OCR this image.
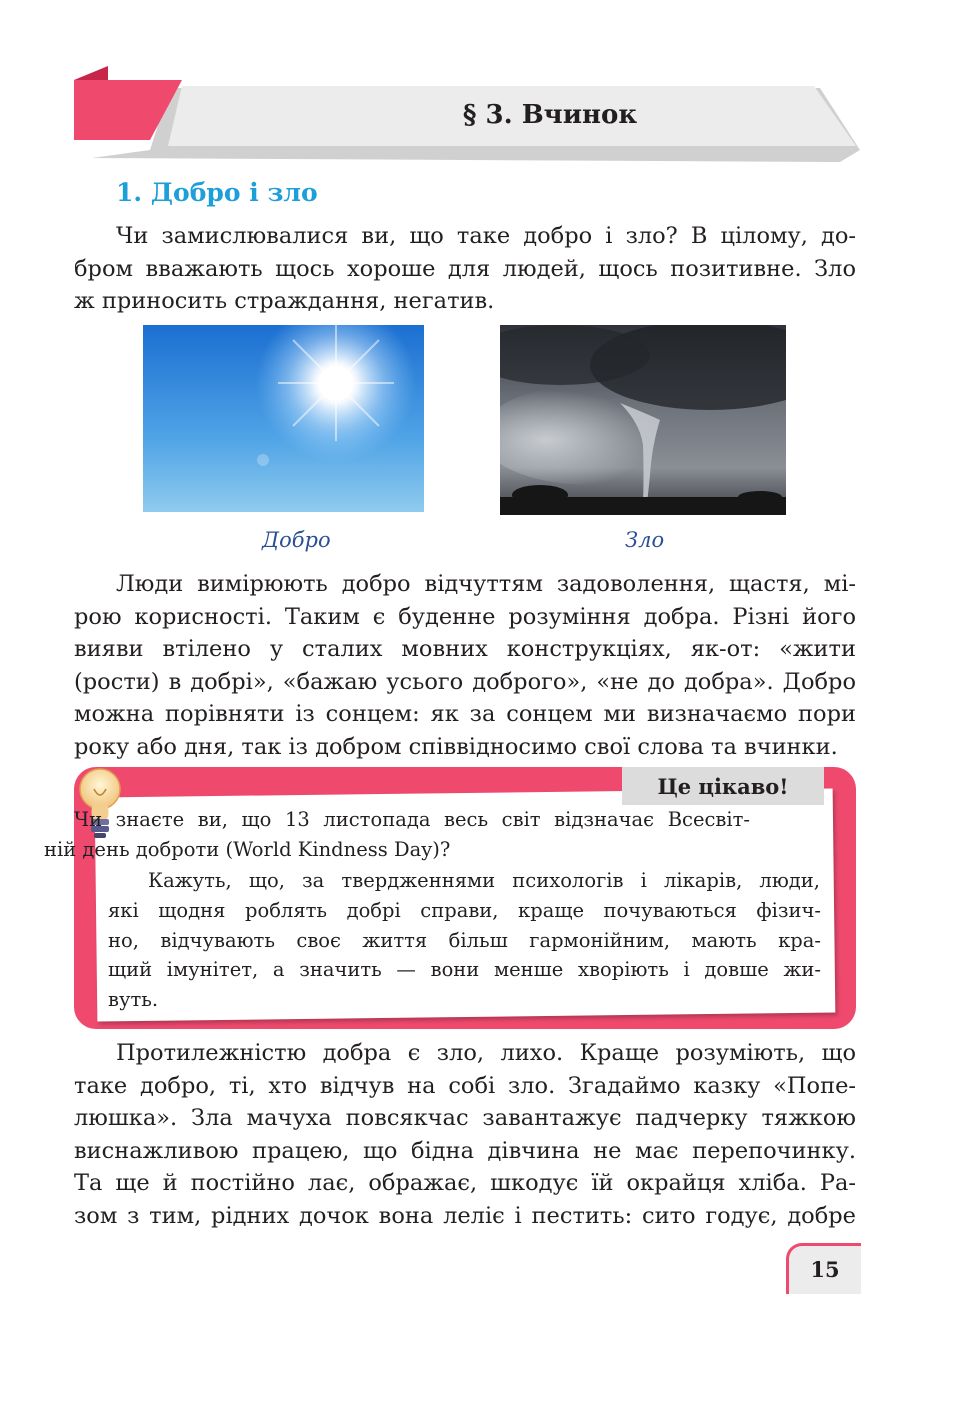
§ 3. Вчинок
1. Добро і зло
Чи замислювалися ви, що таке добро і зло? В цілому, до-
бром вважають щось хороше для людей, щось позитивне. Зло
ж приносить страждання, негатив.
Добро	Зло
Люди вимірюють добро відчуттям задоволення, щастя, мі-
рою корисності. Таким є буденне розуміння добра. Різні його
вияви втілено у сталих мовних конструкціях, як-от: «жити
(рости) в добрі», «бажаю усього доброго», «не до добра». Добро
можна порівняти із сонцем: як за сонцем ми визначаємо пори
року або дня, так із добром співвідносимо свої слова та вчинки.
Це цікаво!
Чи знаєте ви, що 13 листопада весь світ відзначає Всесвіт-
ній день доброти (World Kindness Day)?
Кажуть, що, за твердженнями психологів і лікарів, люди,
які щодня роблять добрі справи, краще почуваються фізич-
но, відчувають своє життя більш гармонійним, мають кра-
щий імунітет, а значить — вони менше хворіють і довше жи-
вуть.
Протилежністю добра є зло, лихо. Краще розуміють, що
таке добро, ті, хто відчув на собі зло. Згадаймо казку «Попе-
люшка». Зла мачуха повсякчас завантажує падчерку тяжкою
виснажливою працею, що бідна дівчина не має перепочинку.
Та ще й постійно лає, ображає, шкодує їй окрайця хліба. Ра-
зом з тим, рідних дочок вона леліє і пестить: сито годує, добре
15
